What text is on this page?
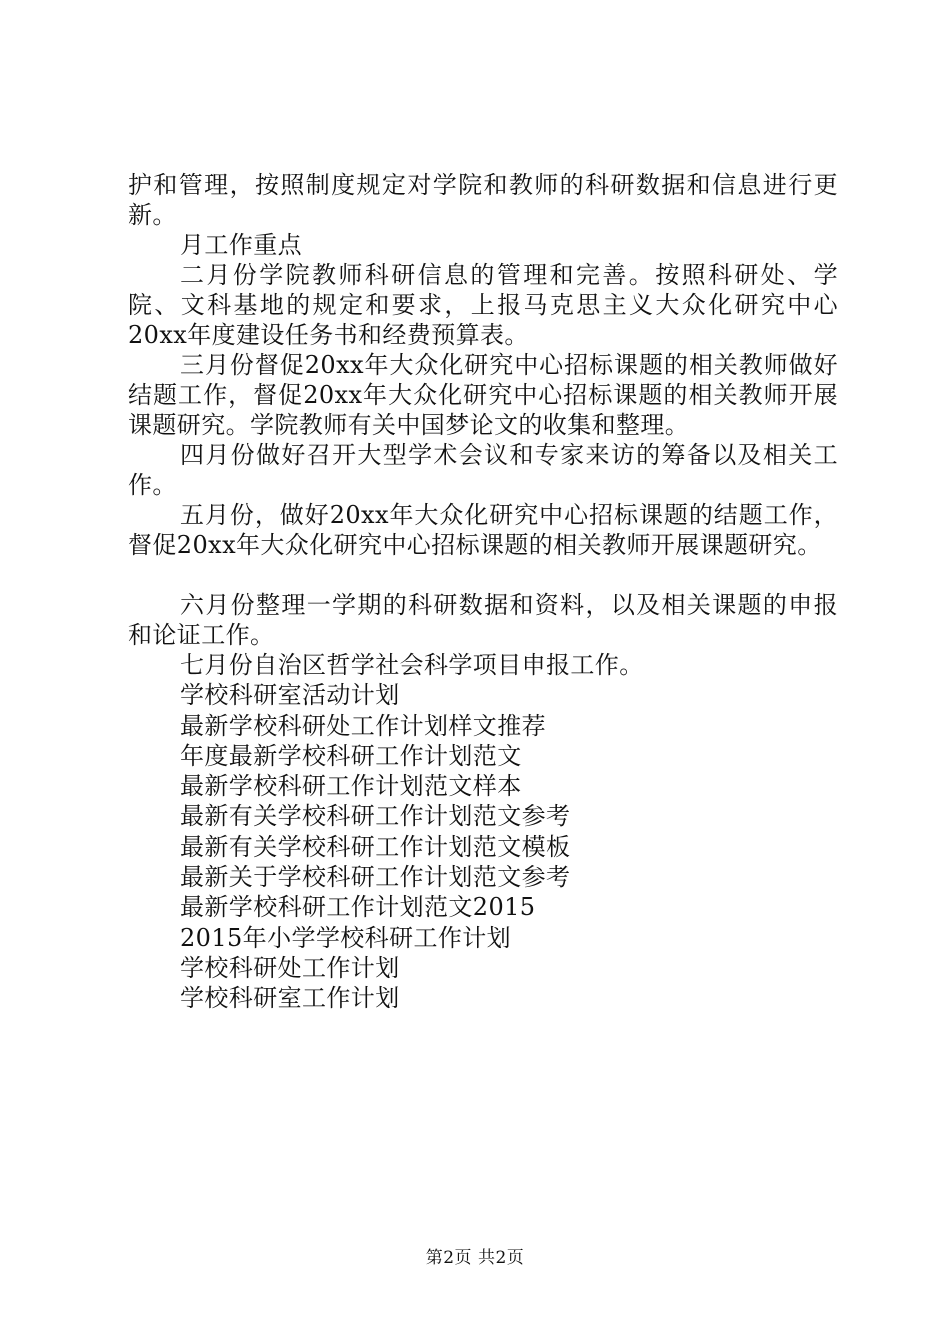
护和管理，按照制度规定对学院和教师的科研数据和信息进行更新。

月工作重点

二月份学院教师科研信息的管理和完善。按照科研处、学院、文科基地的规定和要求，上报马克思主义大众化研究中心20xx年度建设任务书和经费预算表。

三月份督促20xx年大众化研究中心招标课题的相关教师做好结题工作，督促20xx年大众化研究中心招标课题的相关教师开展课题研究。学院教师有关中国梦论文的收集和整理。

四月份做好召开大型学术会议和专家来访的筹备以及相关工作。

五月份，做好20xx年大众化研究中心招标课题的结题工作，督促20xx年大众化研究中心招标课题的相关教师开展课题研究。

六月份整理一学期的科研数据和资料，以及相关课题的申报和论证工作。

七月份自治区哲学社会科学项目申报工作。
学校科研室活动计划
最新学校科研处工作计划样文推荐
年度最新学校科研工作计划范文
最新学校科研工作计划范文样本
最新有关学校科研工作计划范文参考
最新有关学校科研工作计划范文模板
最新关于学校科研工作计划范文参考
最新学校科研工作计划范文2015
2015年小学学校科研工作计划
学校科研处工作计划
学校科研室工作计划
第2页 共2页
